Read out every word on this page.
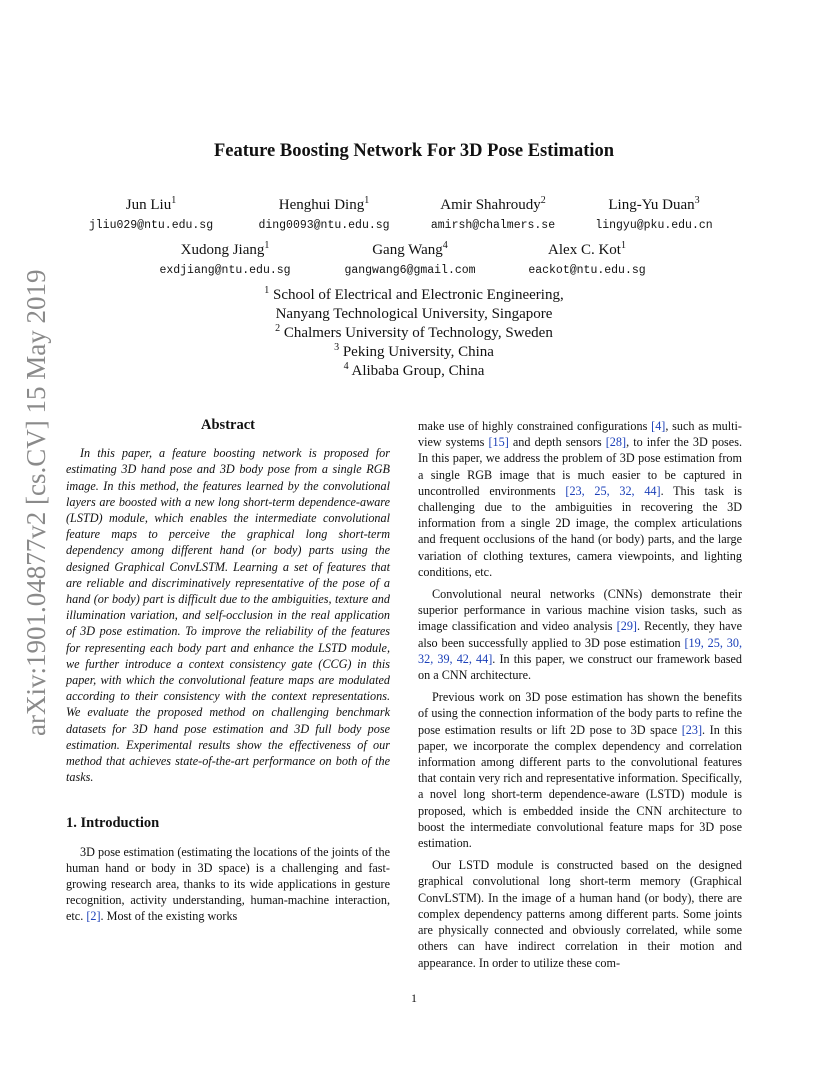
arXiv:1901.04877v2 [cs.CV] 15 May 2019
Feature Boosting Network For 3D Pose Estimation
Jun Liu$^1$
jliu029@ntu.edu.sg
Henghui Ding$^1$
ding0093@ntu.edu.sg
Amir Shahroudy$^2$
amirsh@chalmers.se
Ling-Yu Duan$^3$
lingyu@pku.edu.cn
Xudong Jiang$^1$
exdjiang@ntu.edu.sg
Gang Wang$^4$
gangwang6@gmail.com
Alex C. Kot$^1$
eackot@ntu.edu.sg
$^1$ School of Electrical and Electronic Engineering,
Nanyang Technological University, Singapore
$^2$ Chalmers University of Technology, Sweden
$^3$ Peking University, China
$^4$ Alibaba Group, China
Abstract

In this paper, a feature boosting network is proposed for estimating 3D hand pose and 3D body pose from a single RGB image. In this method, the features learned by the convolutional layers are boosted with a new long short-term dependence-aware (LSTD) module, which enables the intermediate convolutional feature maps to perceive the graphical long short-term dependency among different hand (or body) parts using the designed Graphical ConvLSTM. Learning a set of features that are reliable and discriminatively representative of the pose of a hand (or body) part is difficult due to the ambiguities, texture and illumination variation, and self-occlusion in the real application of 3D pose estimation. To improve the reliability of the features for representing each body part and enhance the LSTD module, we further introduce a context consistency gate (CCG) in this paper, with which the convolutional feature maps are modulated according to their consistency with the context representations. We evaluate the proposed method on challenging benchmark datasets for 3D hand pose estimation and 3D full body pose estimation. Experimental results show the effectiveness of our method that achieves state-of-the-art performance on both of the tasks.

1. Introduction

3D pose estimation (estimating the locations of the joints of the human hand or body in 3D space) is a challenging and fast-growing research area, thanks to its wide applications in gesture recognition, activity understanding, human-machine interaction, etc. [2]. Most of the existing works

make use of highly constrained configurations [4], such as multi-view systems [15] and depth sensors [28], to infer the 3D poses. In this paper, we address the problem of 3D pose estimation from a single RGB image that is much easier to be captured in uncontrolled environments [23, 25, 32, 44]. This task is challenging due to the ambiguities in recovering the 3D information from a single 2D image, the complex articulations and frequent occlusions of the hand (or body) parts, and the large variation of clothing textures, camera viewpoints, and lighting conditions, etc.

Convolutional neural networks (CNNs) demonstrate their superior performance in various machine vision tasks, such as image classification and video analysis [29]. Recently, they have also been successfully applied to 3D pose estimation [19, 25, 30, 32, 39, 42, 44]. In this paper, we construct our framework based on a CNN architecture.

Previous work on 3D pose estimation has shown the benefits of using the connection information of the body parts to refine the pose estimation results or lift 2D pose to 3D space [23]. In this paper, we incorporate the complex dependency and correlation information among different parts to the convolutional features that contain very rich and representative information. Specifically, a novel long short-term dependence-aware (LSTD) module is proposed, which is embedded inside the CNN architecture to boost the intermediate convolutional feature maps for 3D pose estimation.

Our LSTD module is constructed based on the designed graphical convolutional long short-term memory (Graphical ConvLSTM). In the image of a human hand (or body), there are complex dependency patterns among different parts. Some joints are physically connected and obviously correlated, while some others can have indirect correlation in their motion and appearance. In order to utilize these com-

1
